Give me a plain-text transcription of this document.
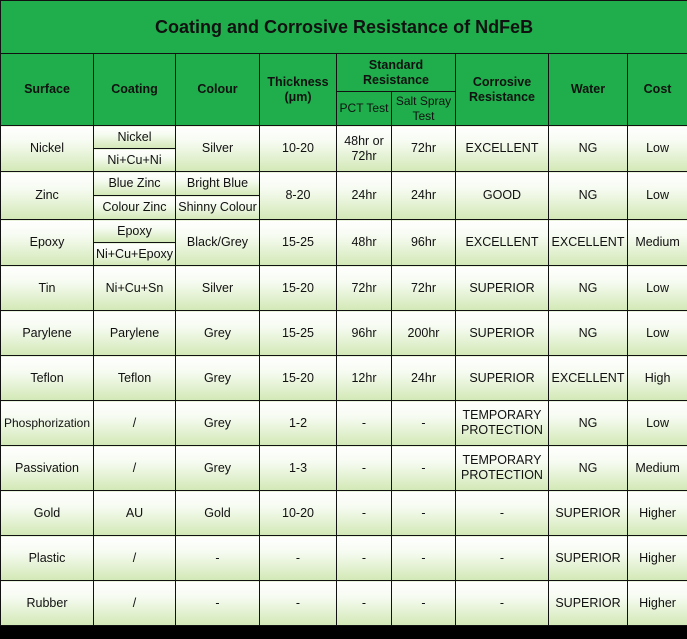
Coating and Corrosive Resistance of NdFeB								
Surface	Coating	Colour	Thickness (μm)	Standard Resistance		Corrosive Resistance	Water	Cost
				PCT Test	Salt Spray Test			
Nickel	Nickel	Silver	10-20	48hr or 72hr	72hr	EXCELLENT	NG	Low
	Ni+Cu+Ni							
Zinc	Blue Zinc	Bright Blue	8-20	24hr	24hr	GOOD	NG	Low
	Colour Zinc	Shinny Colour						
Epoxy	Epoxy	Black/Grey	15-25	48hr	96hr	EXCELLENT	EXCELLENT	Medium
	Ni+Cu+Epoxy							
Tin	Ni+Cu+Sn	Silver	15-20	72hr	72hr	SUPERIOR	NG	Low
Parylene	Parylene	Grey	15-25	96hr	200hr	SUPERIOR	NG	Low
Teflon	Teflon	Grey	15-20	12hr	24hr	SUPERIOR	EXCELLENT	High
Phosphorization	/	Grey	1-2	-	-	TEMPORARY PROTECTION	NG	Low
Passivation	/	Grey	1-3	-	-	TEMPORARY PROTECTION	NG	Medium
Gold	AU	Gold	10-20	-	-	-	SUPERIOR	Higher
Plastic	/	-	-	-	-	-	SUPERIOR	Higher
Rubber	/	-	-	-	-	-	SUPERIOR	Higher
